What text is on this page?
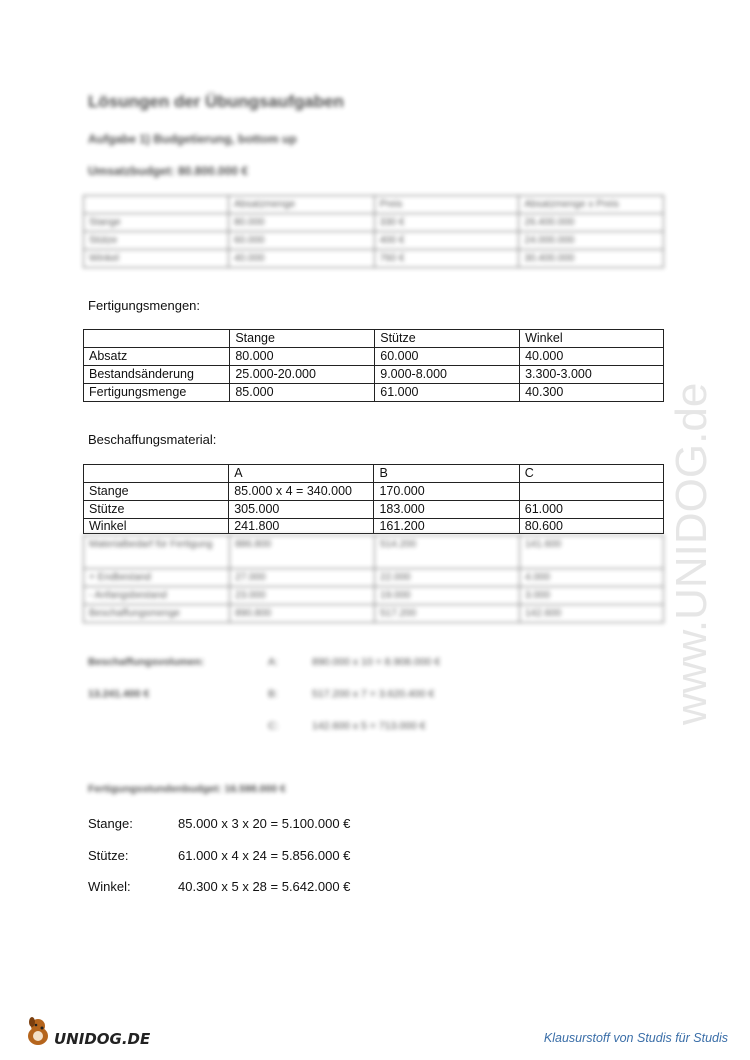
Lösungen der Übungsaufgaben
Aufgabe 1) Budgetierung, bottom up
Umsatzbudget: 80.800.000 €
	Absatzmenge	Preis	Absatzmenge x Preis
Stange	80.000	330 €	26.400.000
Stütze	60.000	400 €	24.000.000
Winkel	40.000	760 €	30.400.000
Fertigungsmengen:
	Stange	Stütze	Winkel
Absatz	80.000	60.000	40.000
Bestandsänderung	25.000-20.000	9.000-8.000	3.300-3.000
Fertigungsmenge	85.000	61.000	40.300
Beschaffungsmaterial:
	A	B	C
Stange	85.000 x 4 = 340.000	170.000	
Stütze	305.000	183.000	61.000
Winkel	241.800	161.200	80.600
Materialbedarf für Fertigung	886.800	514.200	141.600
+ Endbestand	27.000	22.000	4.000
- Anfangsbestand	23.000	19.000	3.000
Beschaffungsmenge	890.800	517.200	142.600
Beschaffungsvolumen:
13.241.400 €
A:	890.000 x 10 = 8.908.000 €
B:	517.200 x 7 = 3.620.400 €
C:	142.600 x 5 = 713.000 €
Fertigungsstundenbudget: 16.598.000 €
Stange:	85.000 x 3 x 20 = 5.100.000 €
Stütze:	61.000 x 4 x 24 = 5.856.000 €
Winkel:	40.300 x 5 x 28 = 5.642.000 €
www.UNIDOG.de
UNIDOG.DE	Klausurstoff von Studis für Studis
